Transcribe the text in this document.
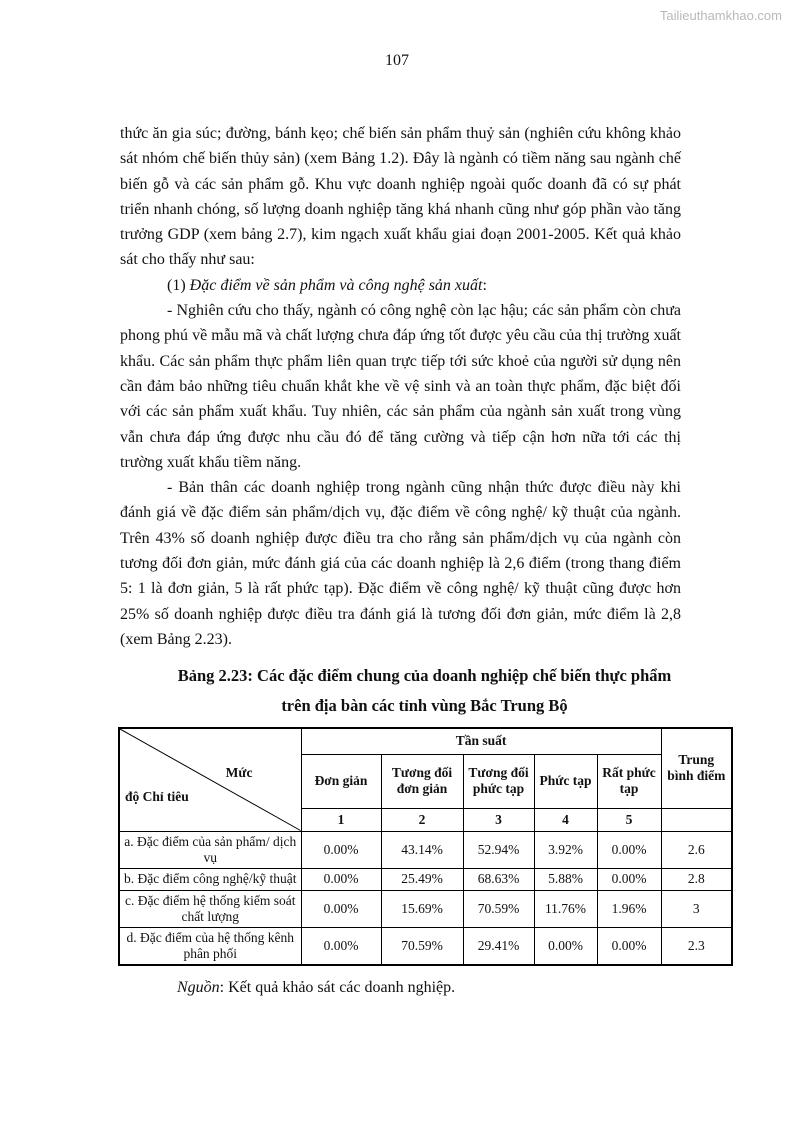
Tailieuthamkhao.com
107

thức ăn gia súc; đường, bánh kẹo; chế biến sản phẩm thuỷ sản (nghiên cứu không khảo sát nhóm chế biến thủy sản) (xem Bảng 1.2). Đây là ngành có tiềm năng sau ngành chế biến gỗ và các sản phẩm gỗ. Khu vực doanh nghiệp ngoài quốc doanh đã có sự phát triển nhanh chóng, số lượng doanh nghiệp tăng khá nhanh cũng như góp phần vào tăng trưởng GDP (xem bảng 2.7), kim ngạch xuất khẩu giai đoạn 2001-2005. Kết quả khảo sát cho thấy như sau:

(1) Đặc điểm về sản phẩm và công nghệ sản xuất:

- Nghiên cứu cho thấy, ngành có công nghệ còn lạc hậu; các sản phẩm còn chưa phong phú về mẫu mã và chất lượng chưa đáp ứng tốt được yêu cầu của thị trường xuất khẩu. Các sản phẩm thực phẩm liên quan trực tiếp tới sức khoẻ của người sử dụng nên cần đảm bảo những tiêu chuẩn khắt khe về vệ sinh và an toàn thực phẩm, đặc biệt đối với các sản phẩm xuất khẩu. Tuy nhiên, các sản phẩm của ngành sản xuất trong vùng vẫn chưa đáp ứng được nhu cầu đó để tăng cường và tiếp cận hơn nữa tới các thị trường xuất khẩu tiềm năng.

- Bản thân các doanh nghiệp trong ngành cũng nhận thức được điều này khi đánh giá về đặc điểm sản phẩm/dịch vụ, đặc điểm về công nghệ/ kỹ thuật của ngành. Trên 43% số doanh nghiệp được điều tra cho rằng sản phẩm/dịch vụ của ngành còn tương đối đơn giản, mức đánh giá của các doanh nghiệp là 2,6 điểm (trong thang điểm 5: 1 là đơn giản, 5 là rất phức tạp). Đặc điểm về công nghệ/ kỹ thuật cũng được hơn 25% số doanh nghiệp được điều tra đánh giá là tương đối đơn giản, mức điểm là 2,8 (xem Bảng 2.23).

Bảng 2.23: Các đặc điểm chung của doanh nghiệp chế biến thực phẩm
trên địa bàn các tỉnh vùng Bắc Trung Bộ
Mức
độ Chỉ tiêu	Tần suất					Trung bình điểm
	Đơn giản	Tương đối đơn giản	Tương đối phức tạp	Phức tạp	Rất phức tạp	
	1	2	3	4	5	
a. Đặc điểm của sản phẩm/ dịch vụ	0.00%	43.14%	52.94%	3.92%	0.00%	2.6
b. Đặc điểm công nghệ/kỹ thuật	0.00%	25.49%	68.63%	5.88%	0.00%	2.8
c. Đặc điểm hệ thống kiểm soát chất lượng	0.00%	15.69%	70.59%	11.76%	1.96%	3
d. Đặc điểm của hệ thống kênh phân phối	0.00%	70.59%	29.41%	0.00%	0.00%	2.3

Nguồn: Kết quả khảo sát các doanh nghiệp.
